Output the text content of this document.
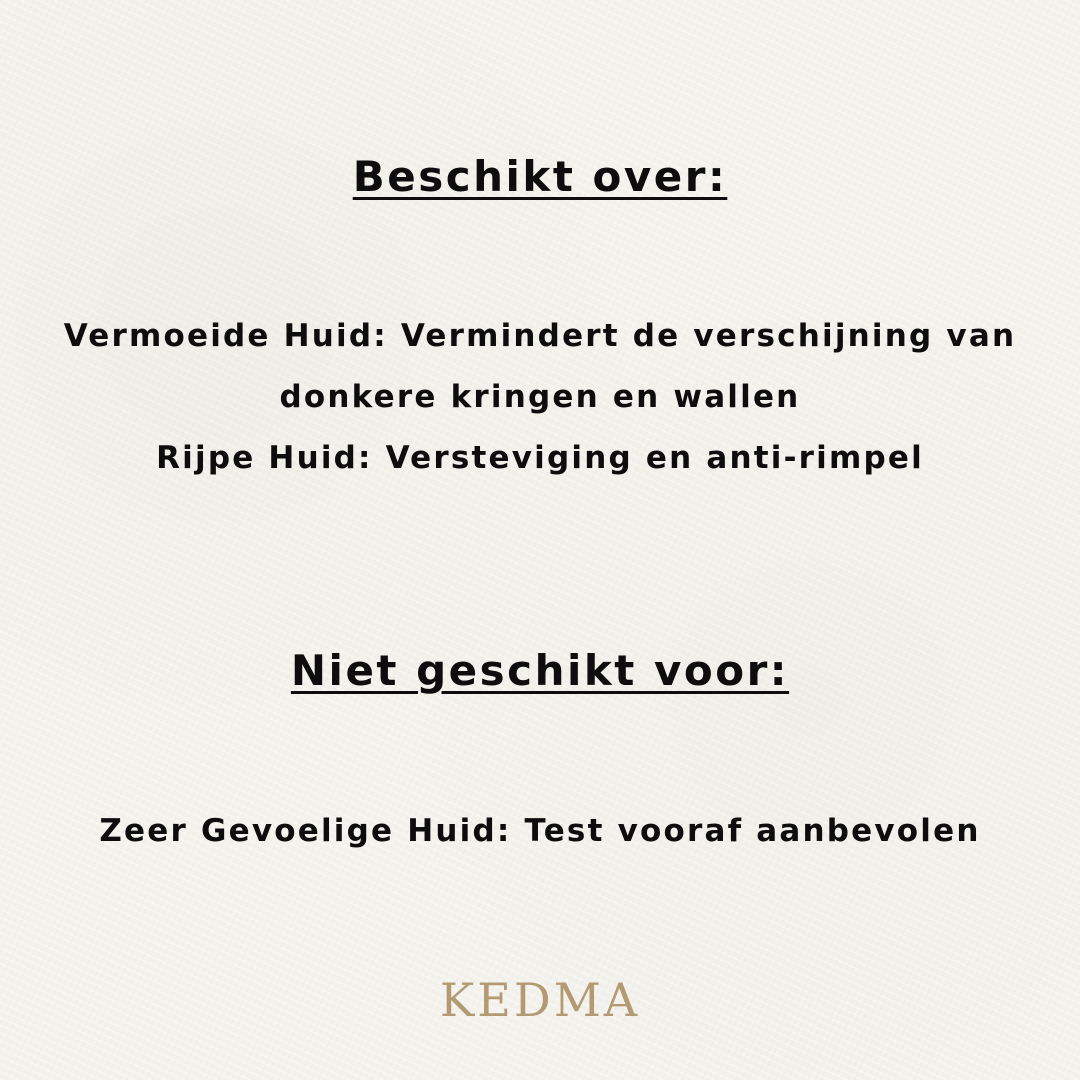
Beschikt over:
Vermoeide Huid: Vermindert de verschijning van
donkere kringen en wallen
Rijpe Huid: Versteviging en anti-rimpel
Niet geschikt voor:
Zeer Gevoelige Huid: Test vooraf aanbevolen
KEDMA
